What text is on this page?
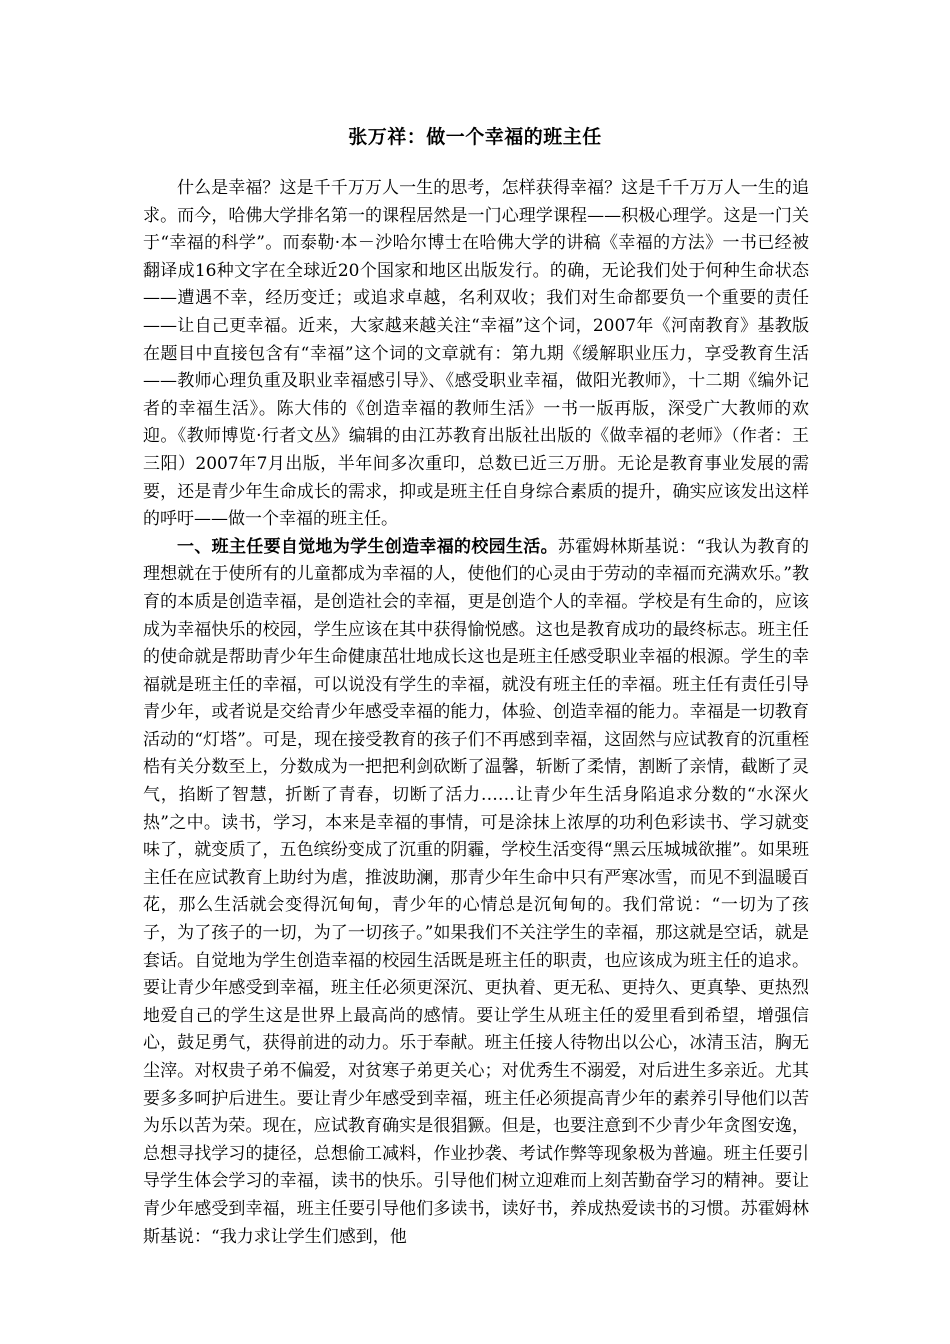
张万祥：做一个幸福的班主任

什么是幸福？这是千千万万人一生的思考，怎样获得幸福？这是千千万万人一生的追求。而今，哈佛大学排名第一的课程居然是一门心理学课程——积极心理学。这是一门关于“幸福的科学”。而泰勒·本－沙哈尔博士在哈佛大学的讲稿《幸福的方法》一书已经被翻译成16种文字在全球近20个国家和地区出版发行。的确，无论我们处于何种生命状态——遭遇不幸，经历变迁；或追求卓越，名利双收；我们对生命都要负一个重要的责任——让自己更幸福。近来，大家越来越关注“幸福”这个词，2007年《河南教育》基教版在题目中直接包含有“幸福”这个词的文章就有：第九期《缓解职业压力，享受教育生活——教师心理负重及职业幸福感引导》、《感受职业幸福，做阳光教师》，十二期《编外记者的幸福生活》。陈大伟的《创造幸福的教师生活》一书一版再版，深受广大教师的欢迎。《教师博览·行者文丛》编辑的由江苏教育出版社出版的《做幸福的老师》（作者：王三阳）2007年7月出版，半年间多次重印，总数已近三万册。无论是教育事业发展的需要，还是青少年生命成长的需求，抑或是班主任自身综合素质的提升，确实应该发出这样的呼吁——做一个幸福的班主任。

一、班主任要自觉地为学生创造幸福的校园生活。苏霍姆林斯基说：“我认为教育的理想就在于使所有的儿童都成为幸福的人，使他们的心灵由于劳动的幸福而充满欢乐。”教育的本质是创造幸福，是创造社会的幸福，更是创造个人的幸福。学校是有生命的，应该成为幸福快乐的校园，学生应该在其中获得愉悦感。这也是教育成功的最终标志。班主任的使命就是帮助青少年生命健康茁壮地成长这也是班主任感受职业幸福的根源。学生的幸福就是班主任的幸福，可以说没有学生的幸福，就没有班主任的幸福。班主任有责任引导青少年，或者说是交给青少年感受幸福的能力，体验、创造幸福的能力。幸福是一切教育活动的“灯塔”。可是，现在接受教育的孩子们不再感到幸福，这固然与应试教育的沉重桎梏有关分数至上，分数成为一把把利剑砍断了温馨，斩断了柔情，割断了亲情，截断了灵气，掐断了智慧，折断了青春，切断了活力……让青少年生活身陷追求分数的“水深火热”之中。读书，学习，本来是幸福的事情，可是涂抹上浓厚的功利色彩读书、学习就变味了，就变质了，五色缤纷变成了沉重的阴霾，学校生活变得“黑云压城城欲摧”。如果班主任在应试教育上助纣为虐，推波助澜，那青少年生命中只有严寒冰雪，而见不到温暖百花，那么生活就会变得沉甸甸，青少年的心情总是沉甸甸的。我们常说：“一切为了孩子，为了孩子的一切，为了一切孩子。”如果我们不关注学生的幸福，那这就是空话，就是套话。自觉地为学生创造幸福的校园生活既是班主任的职责，也应该成为班主任的追求。要让青少年感受到幸福，班主任必须更深沉、更执着、更无私、更持久、更真挚、更热烈地爱自己的学生这是世界上最高尚的感情。要让学生从班主任的爱里看到希望，增强信心，鼓足勇气，获得前进的动力。乐于奉献。班主任接人待物出以公心，冰清玉洁，胸无尘滓。对权贵子弟不偏爱，对贫寒子弟更关心；对优秀生不溺爱，对后进生多亲近。尤其要多多呵护后进生。要让青少年感受到幸福，班主任必须提高青少年的素养引导他们以苦为乐以苦为荣。现在，应试教育确实是很猖獗。但是，也要注意到不少青少年贪图安逸，总想寻找学习的捷径，总想偷工减料，作业抄袭、考试作弊等现象极为普遍。班主任要引导学生体会学习的幸福，读书的快乐。引导他们树立迎难而上刻苦勤奋学习的精神。要让青少年感受到幸福，班主任要引导他们多读书，读好书，养成热爱读书的习惯。苏霍姆林斯基说：“我力求让学生们感到，他
